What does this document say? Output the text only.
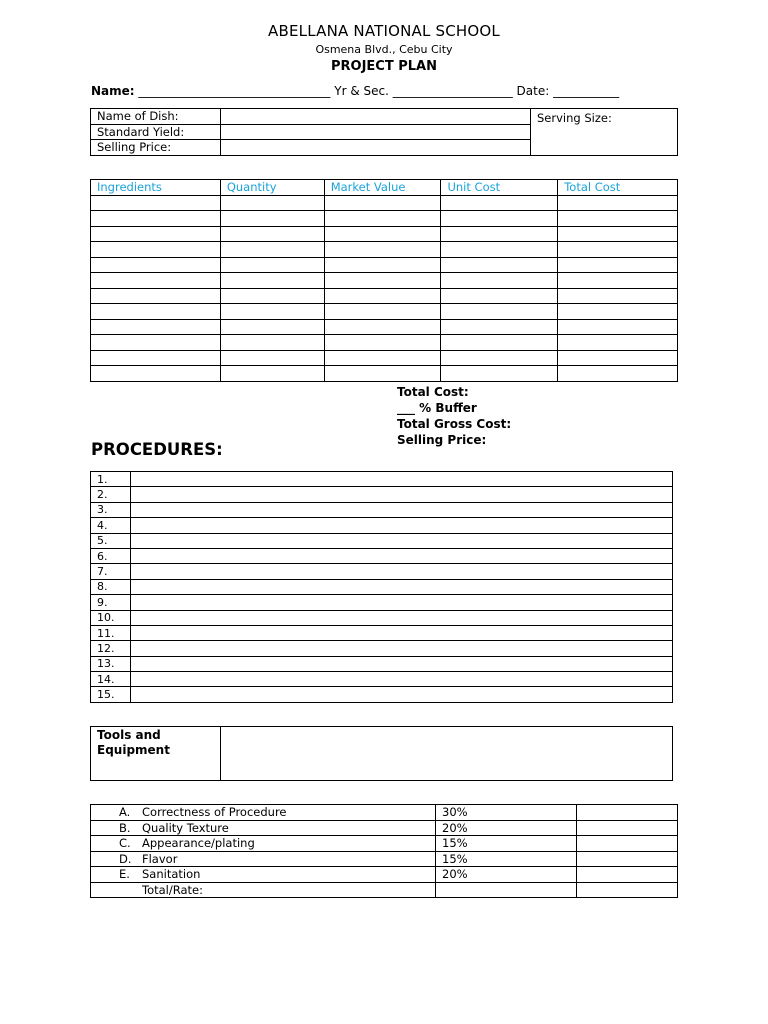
ABELLANA NATIONAL SCHOOL
Osmena Blvd., Cebu City
PROJECT PLAN
Name: ________________________________ Yr & Sec. ____________________ Date: ___________
Name of Dish:		Serving Size:
Standard Yield:		
Selling Price:		
Ingredients	Quantity	Market Value	Unit Cost	Total Cost

Total Cost:
___ % Buffer
Total Gross Cost:
Selling Price:
PROCEDURES:
1.	
2.	
3.	
4.	
5.	
6.	
7.	
8.	
9.	
10.	
11.	
12.	
13.	
14.	
15.	
Tools and Equipment	
A. Correctness of Procedure	30%	
B. Quality Texture	20%	
C. Appearance/plating	15%	
D. Flavor	15%	
E. Sanitation	20%	
Total/Rate:		
